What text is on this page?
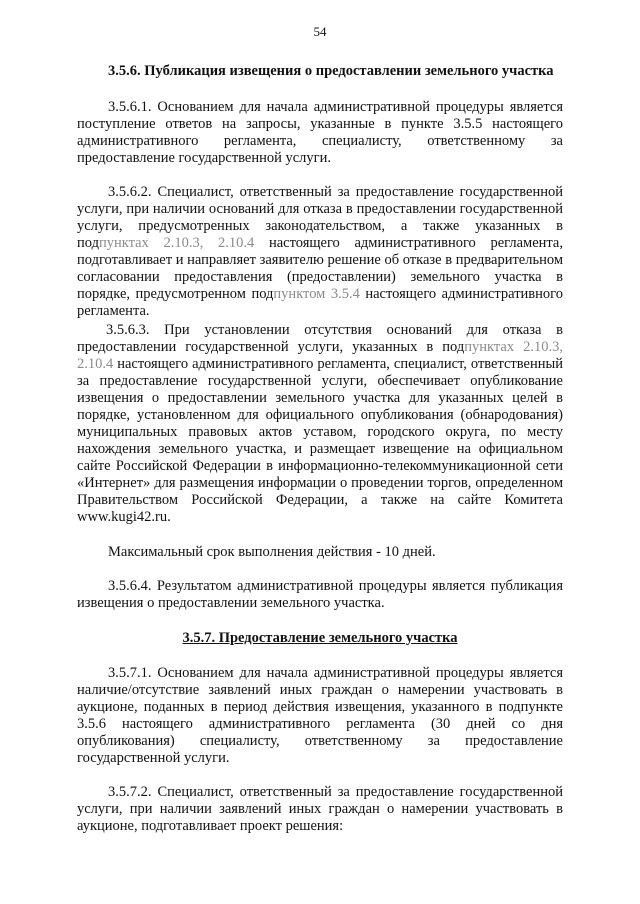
54
3.5.6. Публикация извещения о предоставлении земельного участка

3.5.6.1. Основанием для начала административной процедуры является поступление ответов на запросы, указанные в пункте 3.5.5 настоящего административного регламента, специалисту, ответственному за предоставление государственной услуги.

3.5.6.2. Специалист, ответственный за предоставление государственной услуги, при наличии оснований для отказа в предоставлении государственной услуги, предусмотренных законодательством, а также указанных в подпунктах 2.10.3, 2.10.4 настоящего административного регламента, подготавливает и направляет заявителю решение об отказе в предварительном согласовании предоставления (предоставлении) земельного участка в порядке, предусмотренном подпунктом 3.5.4 настоящего административного регламента.

3.5.6.3. При установлении отсутствия оснований для отказа в предоставлении государственной услуги, указанных в подпунктах 2.10.3, 2.10.4 настоящего административного регламента, специалист, ответственный за предоставление государственной услуги, обеспечивает опубликование извещения о предоставлении земельного участка для указанных целей в порядке, установленном для официального опубликования (обнародования) муниципальных правовых актов уставом, городского округа, по месту нахождения земельного участка, и размещает извещение на официальном сайте Российской Федерации в информационно-телекоммуникационной сети «Интернет» для размещения информации о проведении торгов, определенном Правительством Российской Федерации, а также на сайте Комитета www.kugi42.ru.

Максимальный срок выполнения действия - 10 дней.

3.5.6.4. Результатом административной процедуры является публикация извещения о предоставлении земельного участка.

3.5.7. Предоставление земельного участка

3.5.7.1. Основанием для начала административной процедуры является наличие/отсутствие заявлений иных граждан о намерении участвовать в аукционе, поданных в период действия извещения, указанного в подпункте 3.5.6 настоящего административного регламента (30 дней со дня опубликования) специалисту, ответственному за предоставление государственной услуги.

3.5.7.2. Специалист, ответственный за предоставление государственной услуги, при наличии заявлений иных граждан о намерении участвовать в аукционе, подготавливает проект решения:
